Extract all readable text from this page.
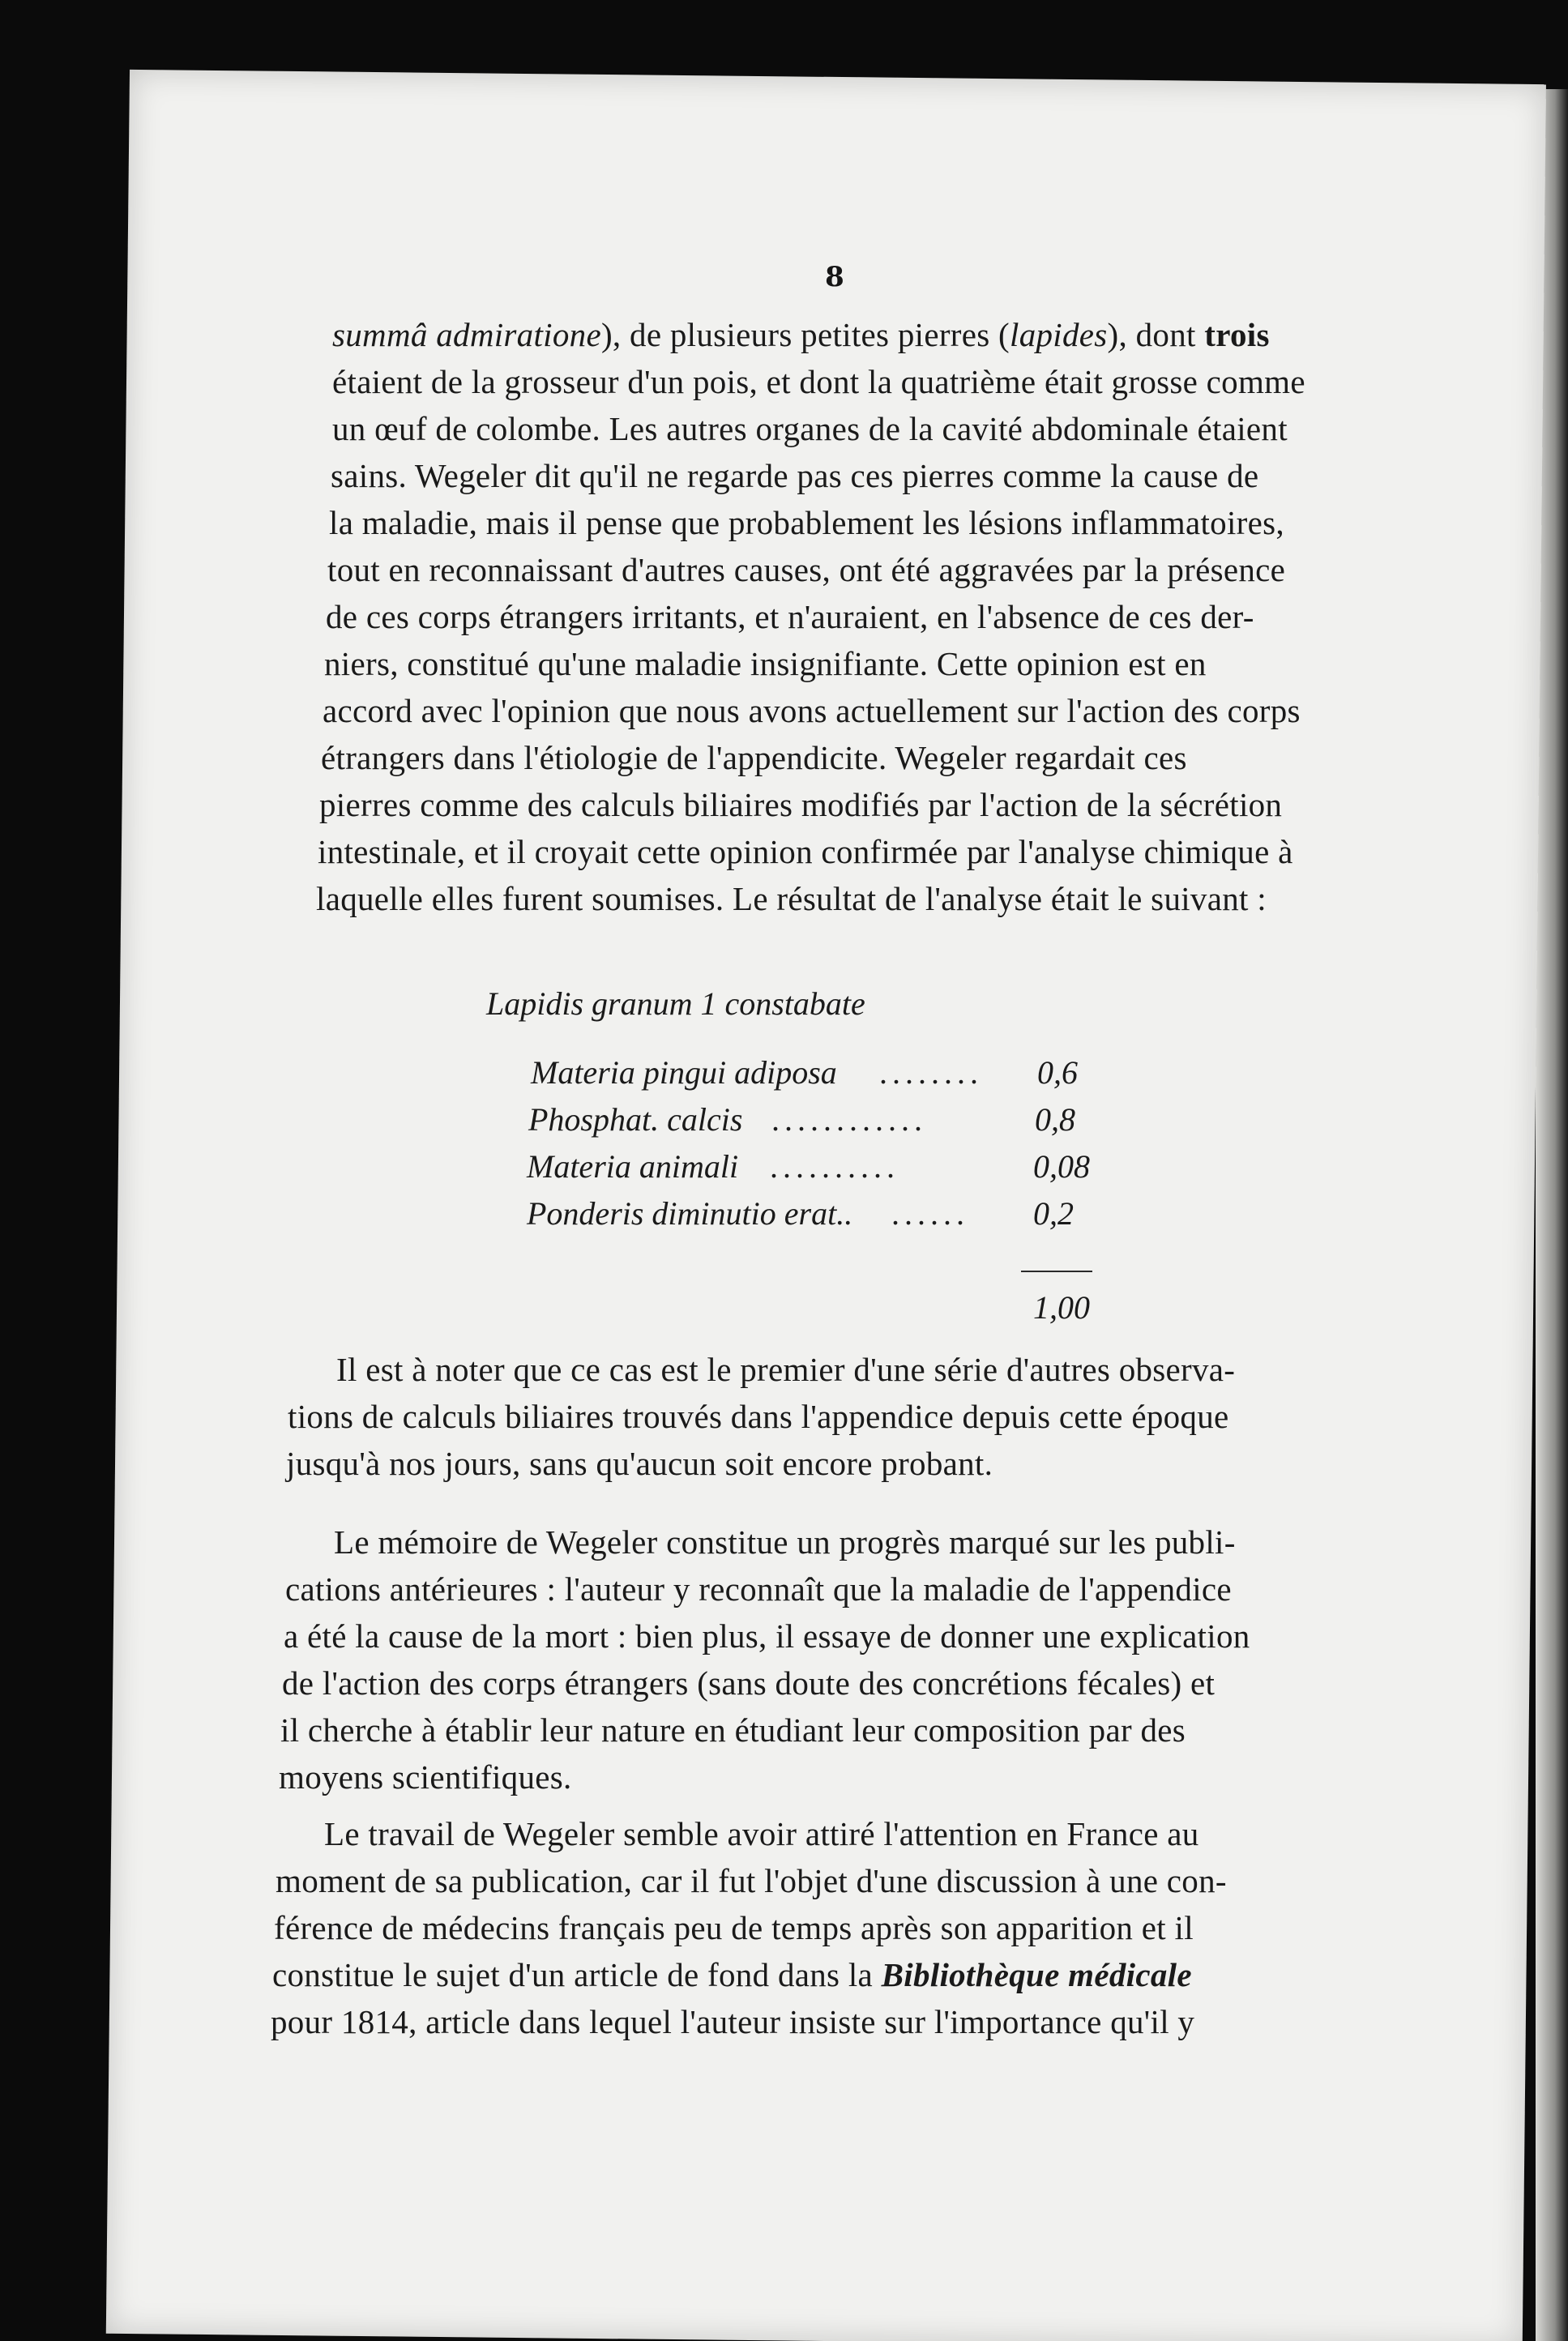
8
summâ admiratione), de plusieurs petites pierres (lapides), dont trois
étaient de la grosseur d'un pois, et dont la quatrième était grosse comme
un œuf de colombe. Les autres organes de la cavité abdominale étaient
sains. Wegeler dit qu'il ne regarde pas ces pierres comme la cause de
la maladie, mais il pense que probablement les lésions inflammatoires,
tout en reconnaissant d'autres causes, ont été aggravées par la présence
de ces corps étrangers irritants, et n'auraient, en l'absence de ces der-
niers, constitué qu'une maladie insignifiante. Cette opinion est en
accord avec l'opinion que nous avons actuellement sur l'action des corps
étrangers dans l'étiologie de l'appendicite. Wegeler regardait ces
pierres comme des calculs biliaires modifiés par l'action de la sécrétion
intestinale, et il croyait cette opinion confirmée par l'analyse chimique à
laquelle elles furent soumises. Le résultat de l'analyse était le suivant :
Lapidis granum 1 constabate
Materia pingui adiposa ........ 0,6
Phosphat. calcis ............	0,8
Materia animali ..........	0,08
Ponderis diminutio erat.. ...... 0,2
1,00
Il est à noter que ce cas est le premier d'une série d'autres observa-
tions de calculs biliaires trouvés dans l'appendice depuis cette époque
jusqu'à nos jours, sans qu'aucun soit encore probant.
Le mémoire de Wegeler constitue un progrès marqué sur les publi-
cations antérieures : l'auteur y reconnaît que la maladie de l'appendice
a été la cause de la mort : bien plus, il essaye de donner une explication
de l'action des corps étrangers (sans doute des concrétions fécales) et
il cherche à établir leur nature en étudiant leur composition par des
moyens scientifiques.
Le travail de Wegeler semble avoir attiré l'attention en France au
moment de sa publication, car il fut l'objet d'une discussion à une con-
férence de médecins français peu de temps après son apparition et il
constitue le sujet d'un article de fond dans la Bibliothèque médicale
pour 1814, article dans lequel l'auteur insiste sur l'importance qu'il y
